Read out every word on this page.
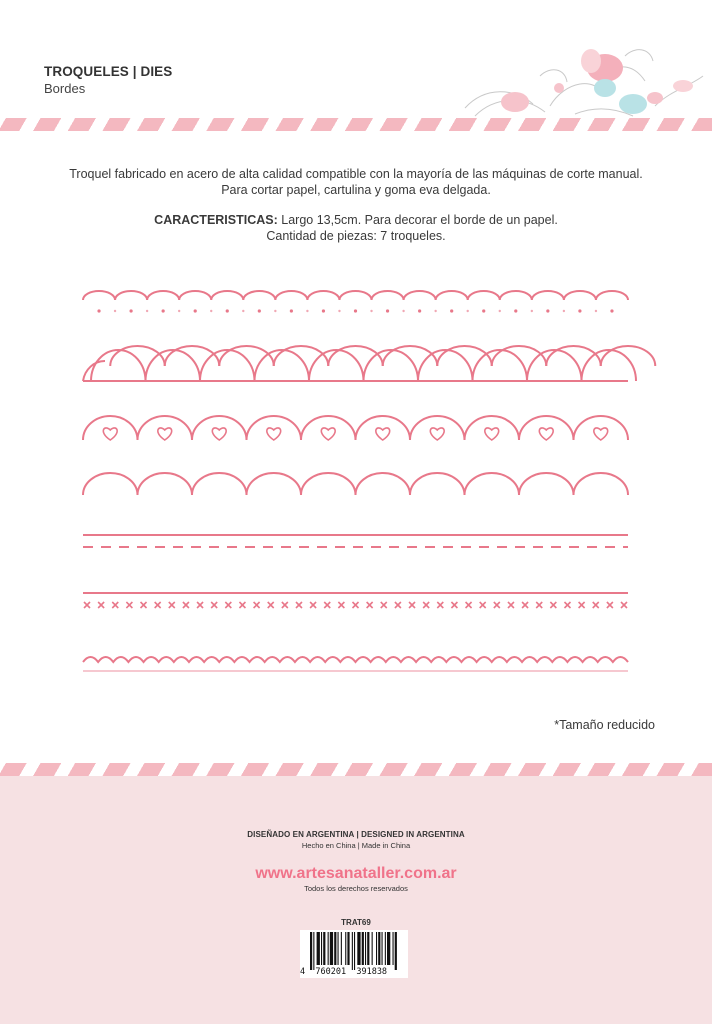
TROQUELES | DIES
Bordes
Troquel fabricado en acero de alta calidad compatible con la mayoría de las máquinas de corte manual.
Para cortar papel, cartulina y goma eva delgada.
CARACTERISTICAS: Largo 13,5cm. Para decorar el borde de un papel.
Cantidad de piezas: 7 troqueles.
*Tamaño reducido
DISEÑADO EN ARGENTINA | DESIGNED IN ARGENTINA
Hecho en China | Made in China
www.artesanataller.com.ar
Todos los derechos reservados
TRAT69
4 760201 391838
